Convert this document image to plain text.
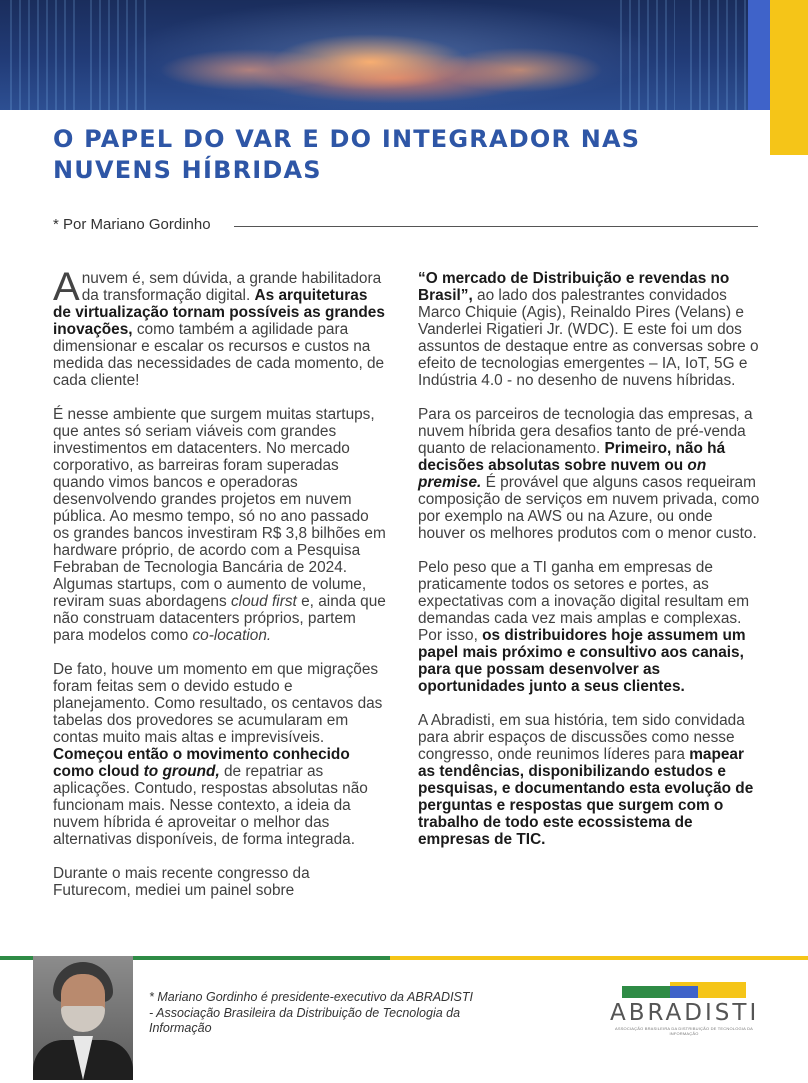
O PAPEL DO VAR E DO INTEGRADOR NAS NUVENS HÍBRIDAS
* Por Mariano Gordinho

A nuvem é, sem dúvida, a grande habilitadora da transformação digital. As arquiteturas de virtualização tornam possíveis as grandes inovações, como também a agilidade para dimensionar e escalar os recursos e custos na medida das necessidades de cada momento, de cada cliente!

É nesse ambiente que surgem muitas startups, que antes só seriam viáveis com grandes investimentos em datacenters. No mercado corporativo, as barreiras foram superadas quando vimos bancos e operadoras desenvolvendo grandes projetos em nuvem pública. Ao mesmo tempo, só no ano passado os grandes bancos investiram R$ 3,8 bilhões em hardware próprio, de acordo com a Pesquisa Febraban de Tecnologia Bancária de 2024. Algumas startups, com o aumento de volume, reviram suas abordagens cloud first e, ainda que não construam datacenters próprios, partem para modelos como co-location.

De fato, houve um momento em que migrações foram feitas sem o devido estudo e planejamento. Como resultado, os centavos das tabelas dos provedores se acumularam em contas muito mais altas e imprevisíveis. Começou então o movimento conhecido como cloud to ground, de repatriar as aplicações. Contudo, respostas absolutas não funcionam mais. Nesse contexto, a ideia da nuvem híbrida é aproveitar o melhor das alternativas disponíveis, de forma integrada.

Durante o mais recente congresso da Futurecom, mediei um painel sobre

“O mercado de Distribuição e revendas no Brasil”, ao lado dos palestrantes convidados Marco Chiquie (Agis), Reinaldo Pires (Velans) e Vanderlei Rigatieri Jr. (WDC). E este foi um dos assuntos de destaque entre as conversas sobre o efeito de tecnologias emergentes – IA, IoT, 5G e Indústria 4.0 - no desenho de nuvens híbridas.

Para os parceiros de tecnologia das empresas, a nuvem híbrida gera desafios tanto de pré-venda quanto de relacionamento. Primeiro, não há decisões absolutas sobre nuvem ou on premise. É provável que alguns casos requeiram composição de serviços em nuvem privada, como por exemplo na AWS ou na Azure, ou onde houver os melhores produtos com o menor custo.

Pelo peso que a TI ganha em empresas de praticamente todos os setores e portes, as expectativas com a inovação digital resultam em demandas cada vez mais amplas e complexas. Por isso, os distribuidores hoje assumem um papel mais próximo e consultivo aos canais, para que possam desenvolver as oportunidades junto a seus clientes.

A Abradisti, em sua história, tem sido convidada para abrir espaços de discussões como nesse congresso, onde reunimos líderes para mapear as tendências, disponibilizando estudos e pesquisas, e documentando esta evolução de perguntas e respostas que surgem com o trabalho de todo este ecossistema de empresas de TIC.

* Mariano Gordinho é presidente-executivo da ABRADISTI - Associação Brasileira da Distribuição de Tecnologia da Informação
ABRADISTI
ASSOCIAÇÃO BRASILEIRA DA DISTRIBUIÇÃO DE TECNOLOGIA DA INFORMAÇÃO
